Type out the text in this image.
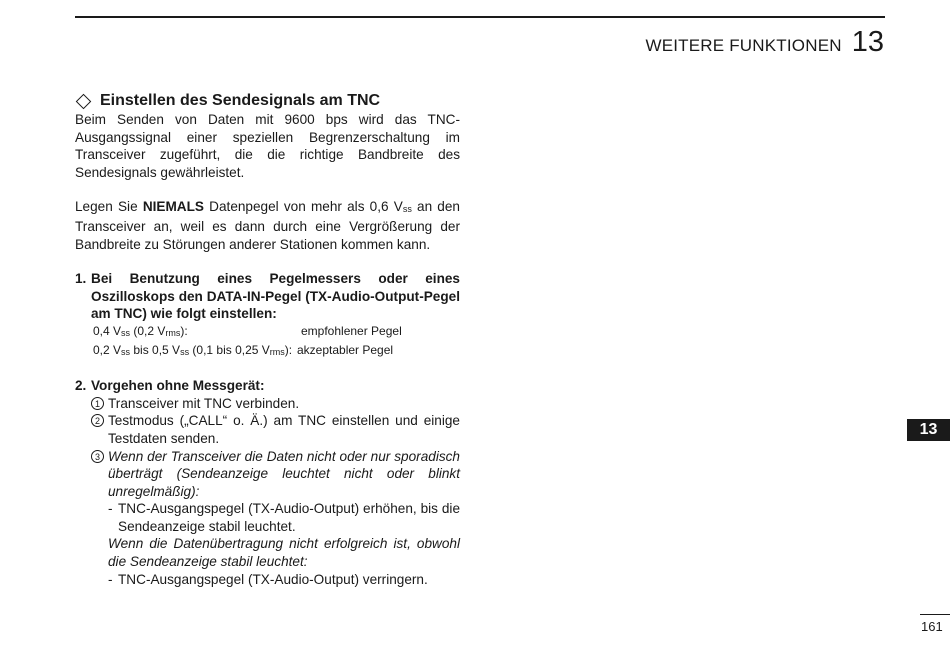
WEITERE FUNKTIONEN 13
Einstellen des Sendesignals am TNC

Beim Senden von Daten mit 9600 bps wird das TNC-Ausgangssignal einer speziellen Begrenzerschaltung im Transceiver zugeführt, die die richtige Bandbreite des Sendesignals gewährleistet.

Legen Sie NIEMALS Datenpegel von mehr als 0,6 $V_{ss}$ an den Transceiver an, weil es dann durch eine Vergrößerung der Bandbreite zu Störungen anderer Stationen kommen kann.

1. Bei Benutzung eines Pegelmessers oder eines Oszilloskops den DATA-IN-Pegel (TX-Audio-Output-Pegel am TNC) wie folgt einstellen:
0,4 $V_{ss}$ (0,2 $V_{rms}$):	empfohlener Pegel
0,2 $V_{ss}$ bis 0,5 $V_{ss}$ (0,1 bis 0,25 $V_{rms}$): akzeptabler Pegel
2. Vorgehen ohne Messgerät:
1 Transceiver mit TNC verbinden.
2 Testmodus („CALL“ o. Ä.) am TNC einstellen und einige Testdaten senden.
3 Wenn der Transceiver die Daten nicht oder nur sporadisch überträgt (Sendeanzeige leuchtet nicht oder blinkt unregelmäßig):
- TNC-Ausgangspegel (TX-Audio-Output) erhöhen, bis die Sendeanzeige stabil leuchtet.
Wenn die Datenübertragung nicht erfolgreich ist, obwohl die Sendeanzeige stabil leuchtet:
- TNC-Ausgangspegel (TX-Audio-Output) verringern.
13
161
